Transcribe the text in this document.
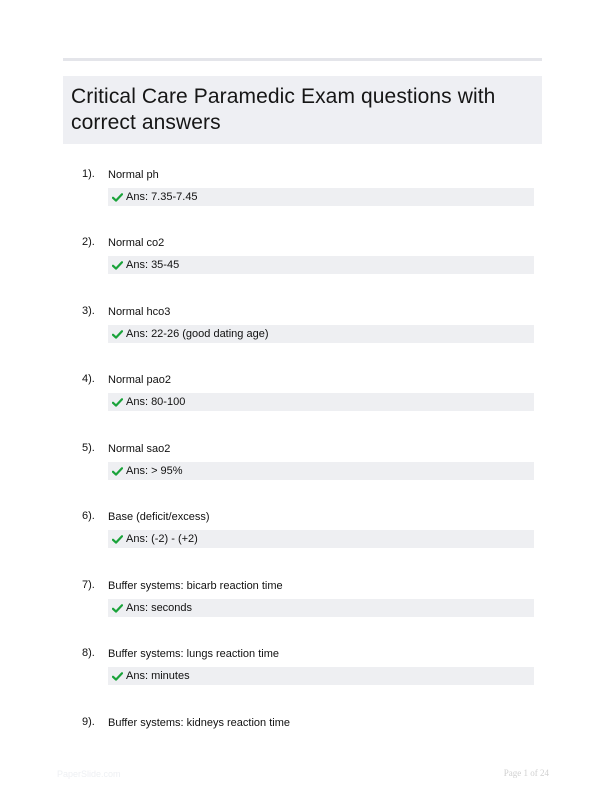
Critical Care Paramedic Exam questions with correct answers
1). Normal ph
Ans: 7.35-7.45
2). Normal co2
Ans: 35-45
3). Normal hco3
Ans: 22-26 (good dating age)
4). Normal pao2
Ans: 80-100
5). Normal sao2
Ans: > 95%
6). Base (deficit/excess)
Ans: (-2) - (+2)
7). Buffer systems: bicarb reaction time
Ans: seconds
8). Buffer systems: lungs reaction time
Ans: minutes
9). Buffer systems: kidneys reaction time
PaperSlide.com	Page 1 of 24
